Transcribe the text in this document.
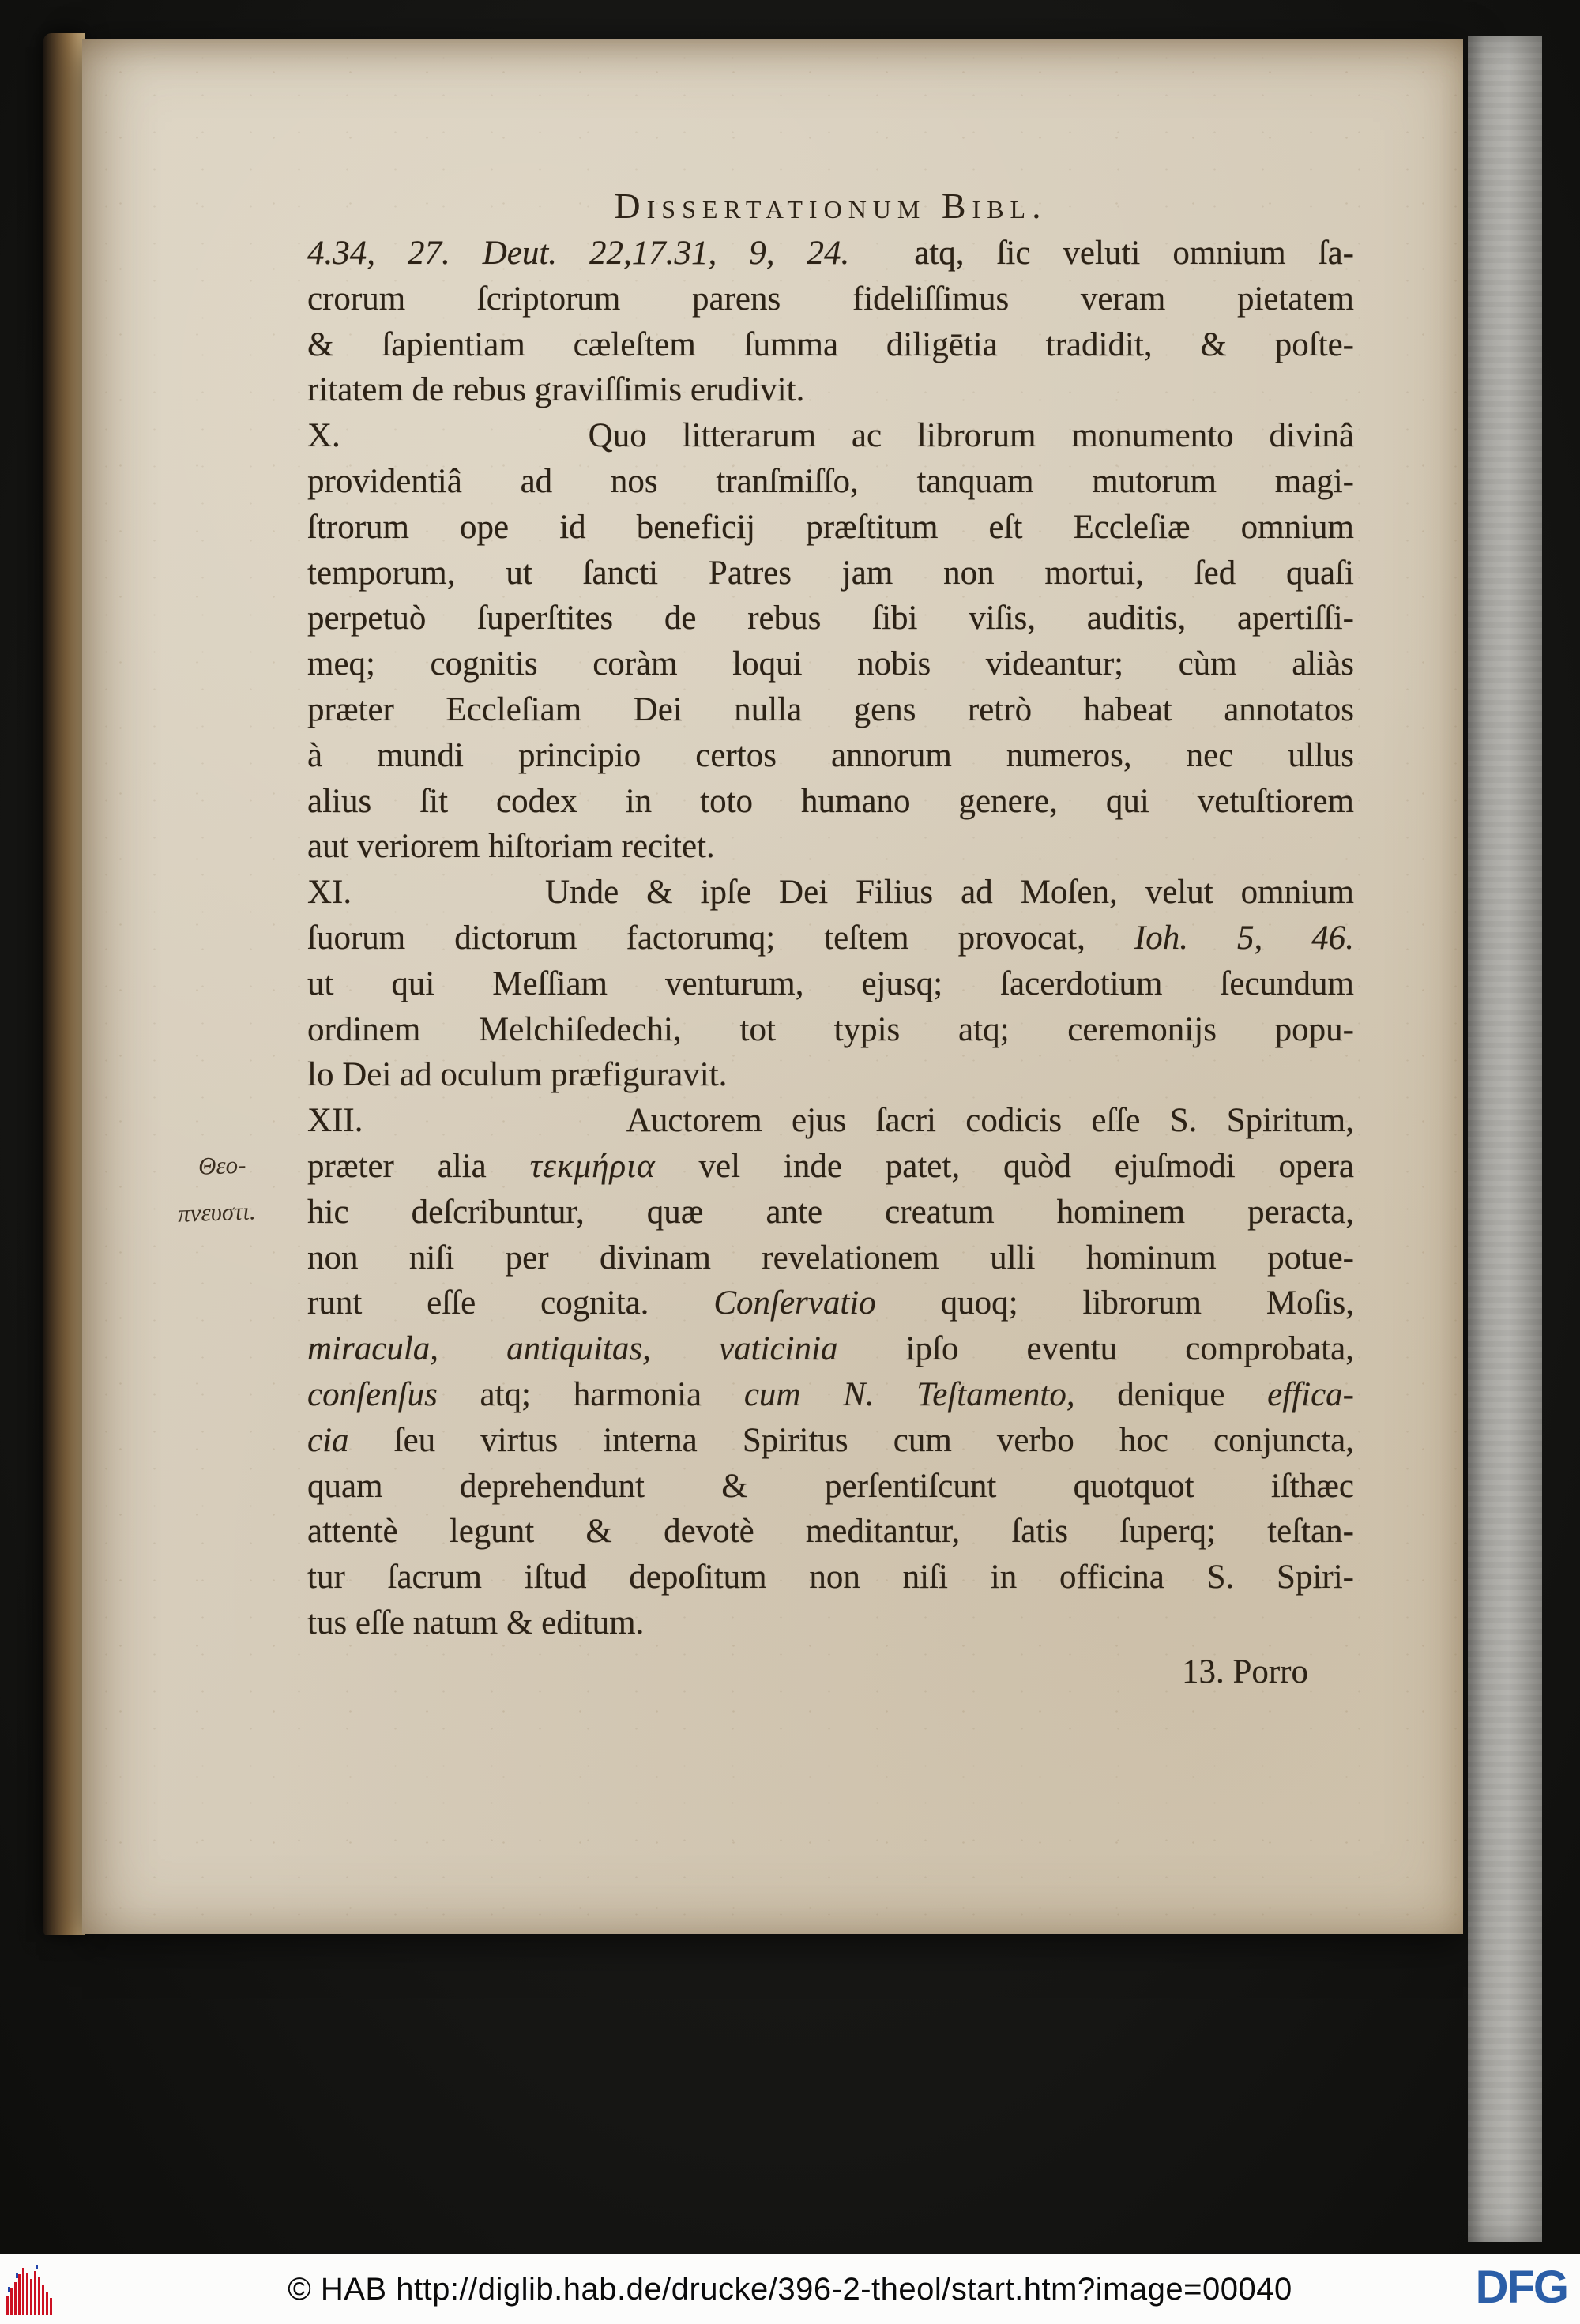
Dissertationum Bibl.
4.34, 27. Deut. 22,17.31, 9, 24.  atq, ſic veluti omnium ſa-
crorum ſcriptorum parens fideliſſimus veram pietatem
& ſapientiam cæleſtem ſumma diligētia tradidit, & poſte-
ritatem de rebus graviſſimis erudivit.
X.       Quo litterarum ac librorum monumento divinâ
providentiâ ad nos tranſmiſſo, tanquam mutorum magi-
ſtrorum ope id beneficij præſtitum eſt Eccleſiæ omnium
temporum, ut ſancti Patres jam non mortui, ſed quaſi
perpetuò ſuperſtites de rebus ſibi viſis, auditis, apertiſſi-
meq; cognitis coràm loqui nobis videantur; cùm aliàs
præter Eccleſiam Dei nulla gens retrò habeat annotatos
à mundi principio certos annorum numeros, nec ullus
alius ſit codex in toto humano genere, qui vetuſtiorem
aut veriorem hiſtoriam recitet.
XI.       Unde & ipſe Dei Filius ad Moſen, velut omnium
ſuorum dictorum factorumq; teſtem provocat, Ioh. 5, 46.
ut qui Meſſiam venturum, ejusq; ſacerdotium ſecundum
ordinem Melchiſedechi, tot typis atq; ceremonijs popu-
lo Dei ad oculum præfiguravit.
XII.         Auctorem ejus ſacri codicis eſſe S. Spiritum,
præter alia τεκμήρια vel inde patet, quòd ejuſmodi opera
hic deſcribuntur, quæ ante creatum hominem peracta,
non niſi per divinam revelationem ulli hominum potue-
runt eſſe cognita. Conſervatio quoq; librorum Moſis,
miracula, antiquitas, vaticinia ipſo eventu comprobata,
conſenſus atq; harmonia cum N. Teſtamento, denique effica-
cia ſeu virtus interna Spiritus cum verbo hoc conjuncta,
quam deprehendunt & perſentiſcunt quotquot iſthæc
attentè legunt & devotè meditantur, ſatis ſuperq; teſtan-
tur ſacrum iſtud depoſitum non niſi in officina S. Spiri-
tus eſſe natum & editum.
Θεο-
πνευστι.
13. Porro
© HAB http://diglib.hab.de/drucke/396-2-theol/start.htm?image=00040	DFG
